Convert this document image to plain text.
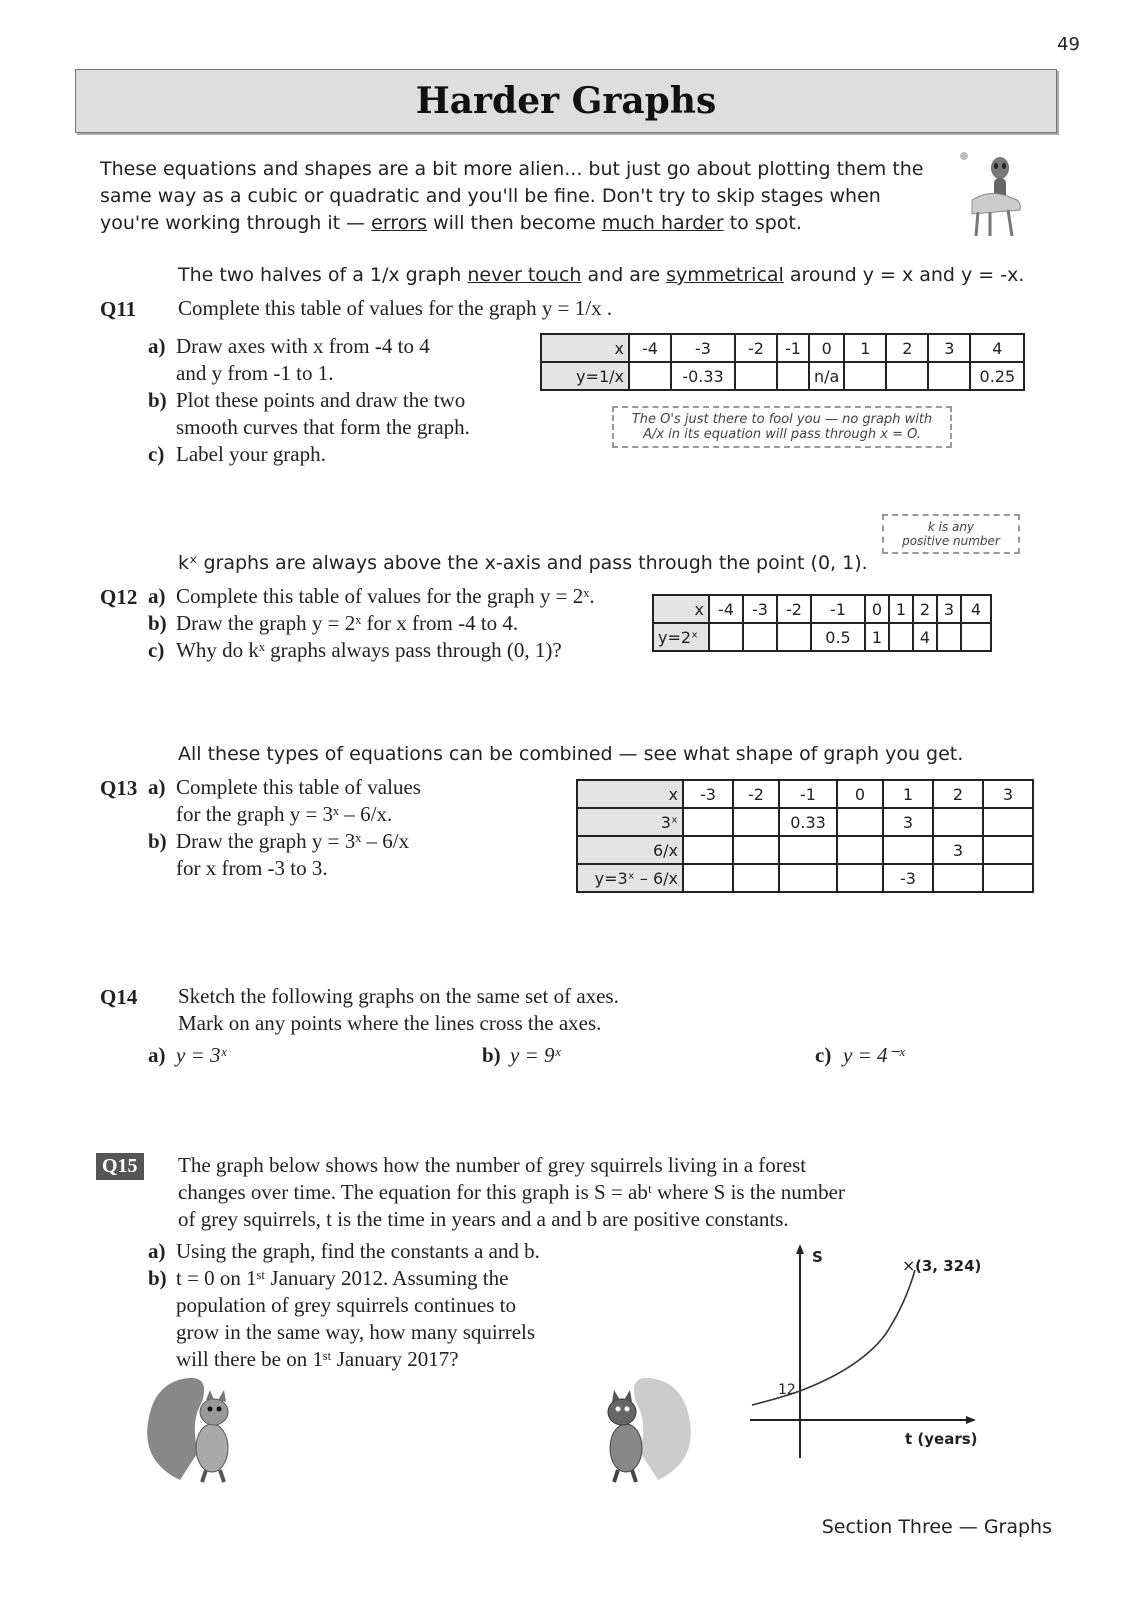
49
Harder Graphs
These equations and shapes are a bit more alien... but just go about plotting them the
same way as a cubic or quadratic and you'll be fine. Don't try to skip stages when
you're working through it — errors will then become much harder to spot.
The two halves of a 1/x graph never touch and are symmetrical around y = x and y = -x.
Q11 Complete this table of values for the graph y = 1/x .
a) Draw axes with x from -4 to 4
and y from -1 to 1.
b) Plot these points and draw the two
smooth curves that form the graph.
c) Label your graph.
x	-4	-3	-2	-1	0	1	2	3	4
y=1/x		-0.33			n/a				0.25
The O's just there to fool you — no graph with
A/x in its equation will pass through x = O.
k is any
positive number
kˣ graphs are always above the x-axis and pass through the point (0, 1).
Q12 a) Complete this table of values for the graph y = 2ˣ.
b) Draw the graph y = 2ˣ for x from -4 to 4.
c) Why do kˣ graphs always pass through (0, 1)?
x	-4	-3	-2	-1	0	1	2	3	4
y=2ˣ				0.5	1		4		
All these types of equations can be combined — see what shape of graph you get.
Q13 a) Complete this table of values
for the graph y = 3ˣ – 6/x.
b) Draw the graph y = 3ˣ – 6/x
for x from -3 to 3.
x	-3	-2	-1	0	1	2	3
3ˣ			0.33		3		
6/x						3	
y=3ˣ – 6/x					-3		
Q14 Sketch the following graphs on the same set of axes.
Mark on any points where the lines cross the axes.
a) y = 3ˣ	b) y = 9ˣ	c) y = 4⁻ˣ
Q15 The graph below shows how the number of grey squirrels living in a forest
changes over time. The equation for this graph is S = abᵗ where S is the number
of grey squirrels, t is the time in years and a and b are positive constants.
a) Using the graph, find the constants a and b.
b) t = 0 on 1ˢᵗ January 2012. Assuming the
population of grey squirrels continues to
grow in the same way, how many squirrels
will there be on 1ˢᵗ January 2017?
S
12
× (3, 324)
t (years)
Section Three — Graphs
